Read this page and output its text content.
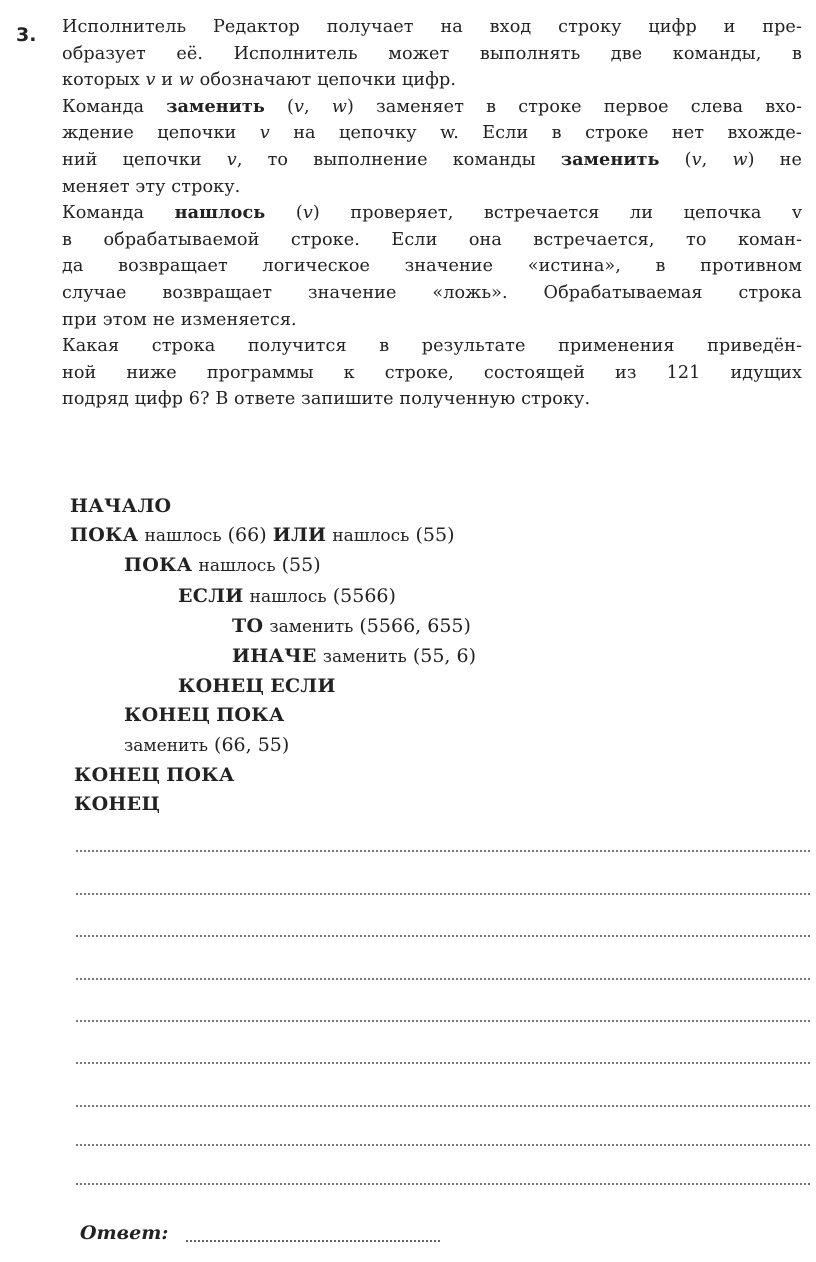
3. Исполнитель Редактор получает на вход строку цифр и пре-
образует её. Исполнитель может выполнять две команды, в
которых v и w обозначают цепочки цифр.
Команда заменить (v, w) заменяет в строке первое слева вхо-
ждение цепочки v на цепочку w. Если в строке нет вхожде-
ний цепочки v, то выполнение команды заменить (v, w) не
меняет эту строку.
Команда нашлось (v) проверяет, встречается ли цепочка v
в обрабатываемой строке. Если она встречается, то коман-
да возвращает логическое значение «истина», в противном
случае возвращает значение «ложь». Обрабатываемая строка
при этом не изменяется.
Какая строка получится в результате применения приведён-
ной ниже программы к строке, состоящей из 121 идущих
подряд цифр 6? В ответе запишите полученную строку.
НАЧАЛО
ПОКА нашлось (66) ИЛИ нашлось (55)
ПОКА нашлось (55)
ЕСЛИ нашлось (5566)
ТО заменить (5566, 655)
ИНАЧЕ заменить (55, 6)
КОНЕЦ ЕСЛИ
КОНЕЦ ПОКА
заменить (66, 55)
КОНЕЦ ПОКА
КОНЕЦ
Ответ:
